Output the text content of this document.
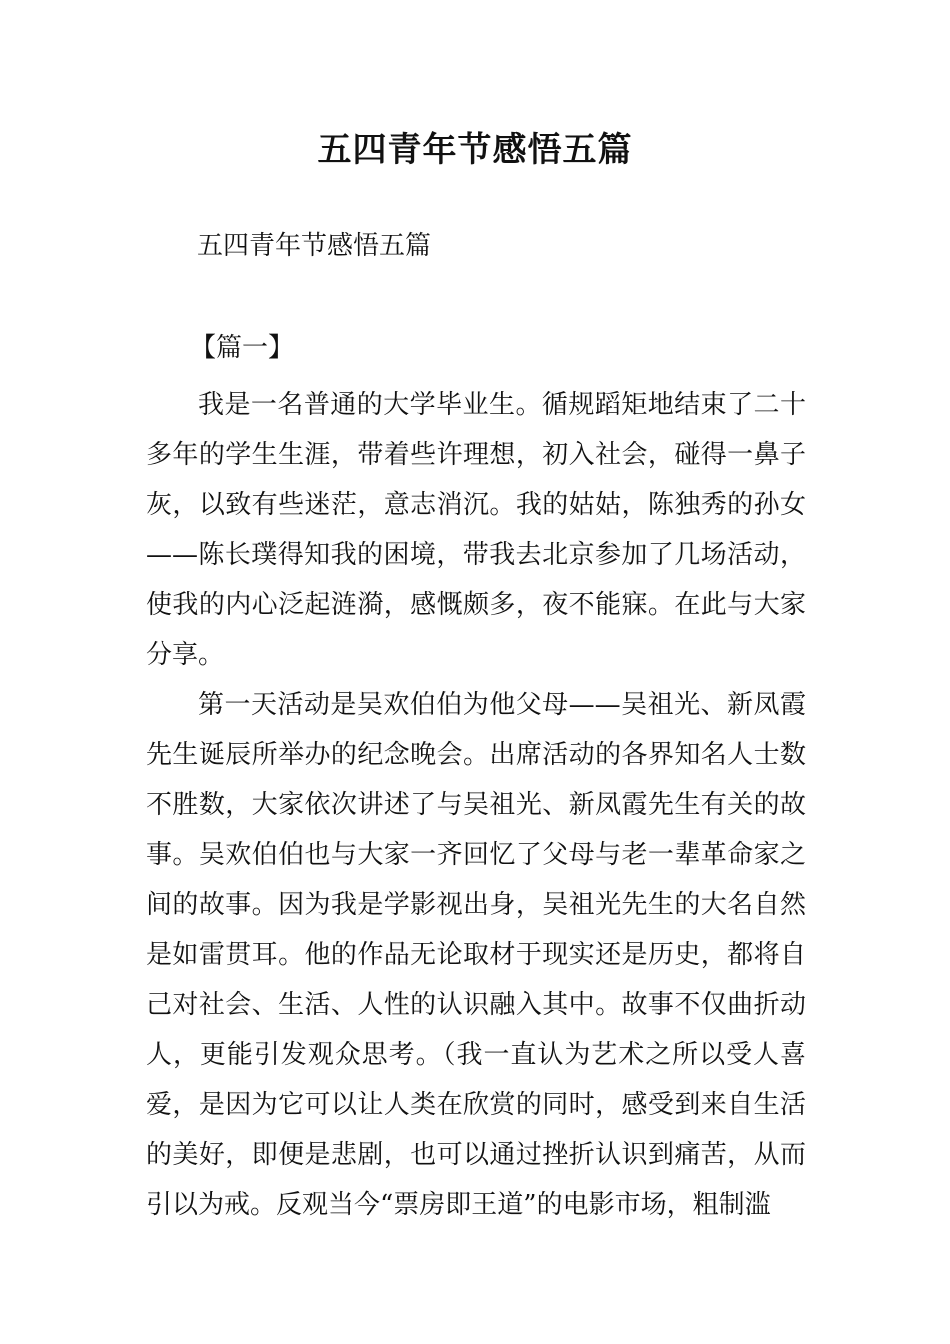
五四青年节感悟五篇
五四青年节感悟五篇
【篇一】

我是一名普通的大学毕业生。循规蹈矩地结束了二十多年的学生生涯，带着些许理想，初入社会，碰得一鼻子灰，以致有些迷茫，意志消沉。我的姑姑，陈独秀的孙女——陈长璞得知我的困境，带我去北京参加了几场活动，使我的内心泛起涟漪，感慨颇多，夜不能寐。在此与大家分享。

第一天活动是吴欢伯伯为他父母——吴祖光、新凤霞先生诞辰所举办的纪念晚会。出席活动的各界知名人士数不胜数，大家依次讲述了与吴祖光、新凤霞先生有关的故事。吴欢伯伯也与大家一齐回忆了父母与老一辈革命家之间的故事。因为我是学影视出身，吴祖光先生的大名自然是如雷贯耳。他的作品无论取材于现实还是历史，都将自己对社会、生活、人性的认识融入其中。故事不仅曲折动人，更能引发观众思考。（我一直认为艺术之所以受人喜爱，是因为它可以让人类在欣赏的同时，感受到来自生活的美好，即便是悲剧，也可以通过挫折认识到痛苦，从而引以为戒。反观当今“票房即王道”的电影市场，粗制滥
